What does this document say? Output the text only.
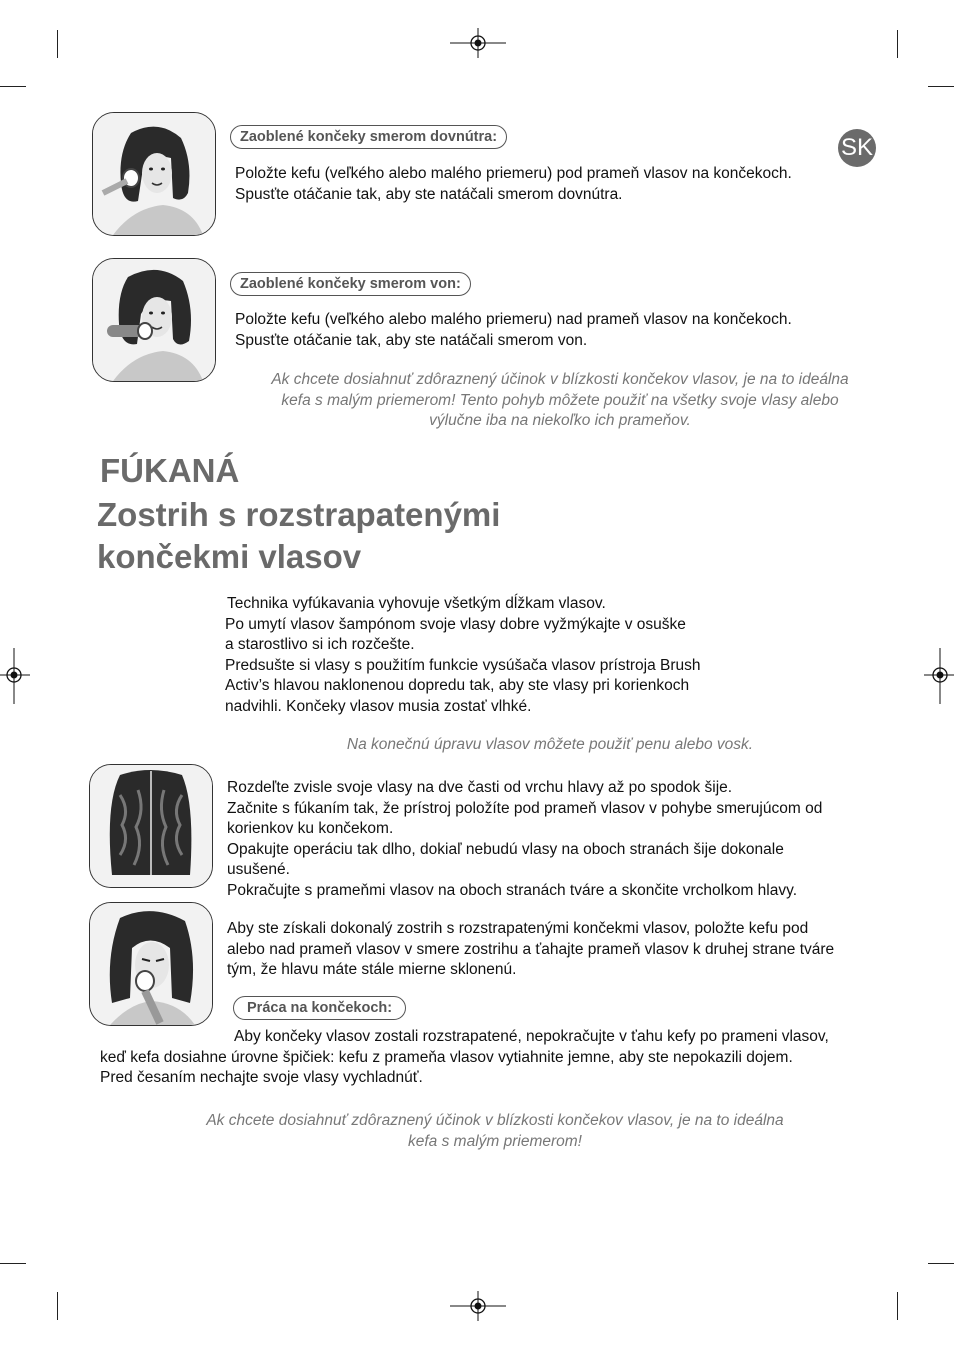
SK
Zaoblené končeky smerom dovnútra:
Položte kefu (veľkého alebo malého priemeru) pod prameň vlasov na končekoch.
Spusťte otáčanie tak, aby ste natáčali smerom dovnútra.
Zaoblené končeky smerom von:
Položte kefu (veľkého alebo malého priemeru) nad prameň vlasov na končekoch.
Spusťte otáčanie tak, aby ste natáčali smerom von.
Ak chcete dosiahnuť zdôraznený účinok v blízkosti končekov vlasov, je na to ideálna
kefa s malým priemerom! Tento pohyb môžete použiť na všetky svoje vlasy alebo
výlučne iba na niekoľko ich prameňov.
FÚKANÁ
Zostrih s rozstrapatenými
končekmi vlasov
Technika vyfúkavania vyhovuje všetkým dĺžkam vlasov.
Po umytí vlasov šampónom svoje vlasy dobre vyžmýkajte v osuške
a starostlivo si ich rozčešte.
Predsušte si vlasy s použitím funkcie vysúšača vlasov prístroja Brush
Activ’s hlavou naklonenou dopredu tak, aby ste vlasy pri korienkoch
nadvihli. Končeky vlasov musia zostať vlhké.
Na konečnú úpravu vlasov môžete použiť penu alebo vosk.
Rozdeľte zvisle svoje vlasy na dve časti od vrchu hlavy až po spodok šije.
Začnite s fúkaním tak, že prístroj položíte pod prameň vlasov v pohybe smerujúcom od
korienkov ku končekom.
Opakujte operáciu tak dlho, dokiaľ nebudú vlasy na oboch stranách šije dokonale
usušené.
Pokračujte s prameňmi vlasov na oboch stranách tváre a skončite vrcholkom hlavy.
Aby ste získali dokonalý zostrih s rozstrapatenými končekmi vlasov, položte kefu pod
alebo nad prameň vlasov v smere zostrihu a ťahajte prameň vlasov k druhej strane tváre
tým, že hlavu máte stále mierne sklonenú.
Práca na končekoch:
Aby končeky vlasov zostali rozstrapatené, nepokračujte v ťahu kefy po prameni vlasov,
keď kefa dosiahne úrovne špičiek: kefu z prameňa vlasov vytiahnite jemne, aby ste nepokazili dojem.
Pred česaním nechajte svoje vlasy vychladnúť.
Ak chcete dosiahnuť zdôraznený účinok v blízkosti končekov vlasov, je na to ideálna
kefa s malým priemerom!
